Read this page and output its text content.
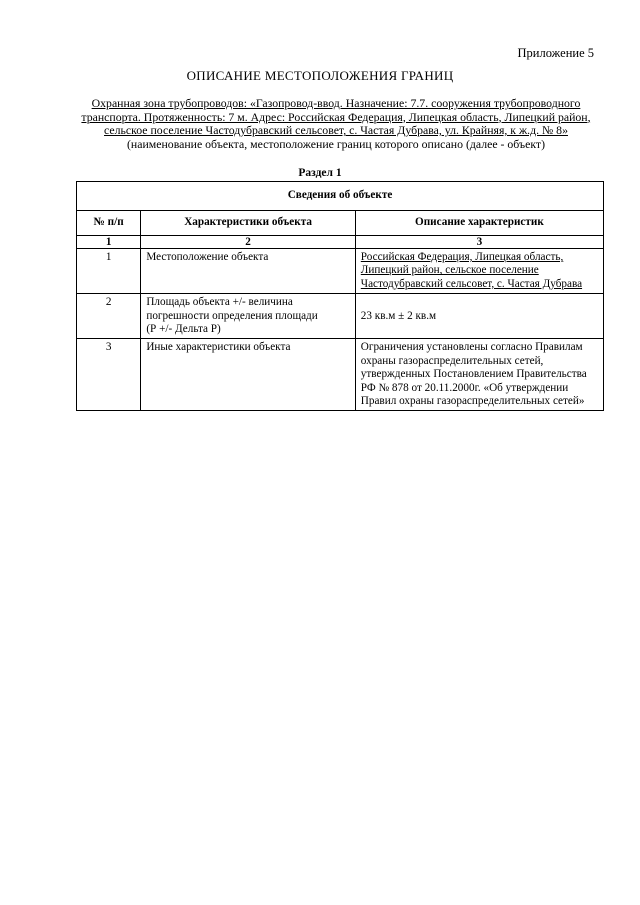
Приложение 5
ОПИСАНИЕ МЕСТОПОЛОЖЕНИЯ ГРАНИЦ
Охранная зона трубопроводов: «Газопровод-ввод. Назначение: 7.7. сооружения трубопроводного
транспорта. Протяженность: 7 м. Адрес: Российская Федерация, Липецкая область, Липецкий район,
сельское поселение Частодубравский сельсовет, с. Частая Дубрава, ул. Крайняя, к ж.д. № 8»
(наименование объекта, местоположение границ которого описано (далее - объект)
Раздел 1
Сведения об объекте		
№ п/п	Характеристики объекта	Описание характеристик
1	2	3
1	Местоположение объекта	Российская Федерация, Липецкая область,
Липецкий район, сельское поселение
Частодубравский сельсовет, с. Частая Дубрава
2	Площадь объекта +/- величина
погрешности определения площади
(Р +/- Дельта Р)	23 кв.м ± 2 кв.м
3	Иные характеристики объекта	Ограничения установлены согласно Правилам
охраны газораспределительных сетей,
утвержденных Постановлением Правительства
РФ № 878 от 20.11.2000г. «Об утверждении
Правил охраны газораспределительных сетей»
